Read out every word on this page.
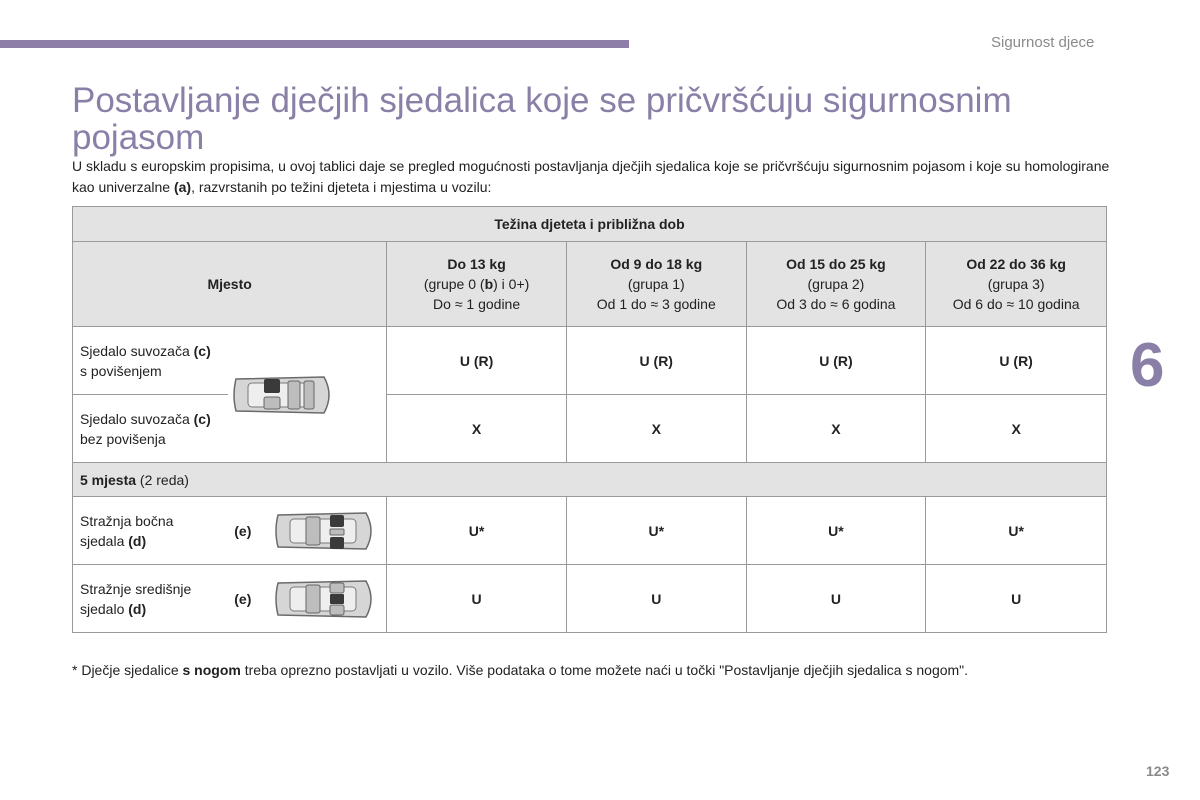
Sigurnost djece
Postavljanje dječjih sjedalica koje se pričvršćuju sigurnosnim pojasom
U skladu s europskim propisima, u ovoj tablici daje se pregled mogućnosti postavljanja dječjih sjedalica koje se pričvršćuju sigurnosnim pojasom i koje su homologirane kao univerzalne (a), razvrstanih po težini djeteta i mjestima u vozilu:
6
Težina djeteta i približna dob					
Mjesto		Do 13 kg
(grupe 0 (b) i 0+)
Do ≈ 1 godine	Od 9 do 18 kg
(grupa 1)
Od 1 do ≈ 3 godine	Od 15 do 25 kg
(grupa 2)
Od 3 do ≈ 6 godina	Od 22 do 36 kg
(grupa 3)
Od 6 do ≈ 10 godina
Sjedalo suvozača (c)
s povišenjem		U (R)	U (R)	U (R)	U (R)
Sjedalo suvozača (c)
bez povišenja		X	X	X	X
5 mjesta (2 reda)					

Stražnja bočna
sjedala (d)
(e)		U*	U*	U*	U*

Stražnje središnje
sjedalo (d)
(e)		U	U	U	U
* Dječje sjedalice s nogom treba oprezno postavljati u vozilo. Više podataka o tome možete naći u točki "Postavljanje dječjih sjedalica s nogom".
123
